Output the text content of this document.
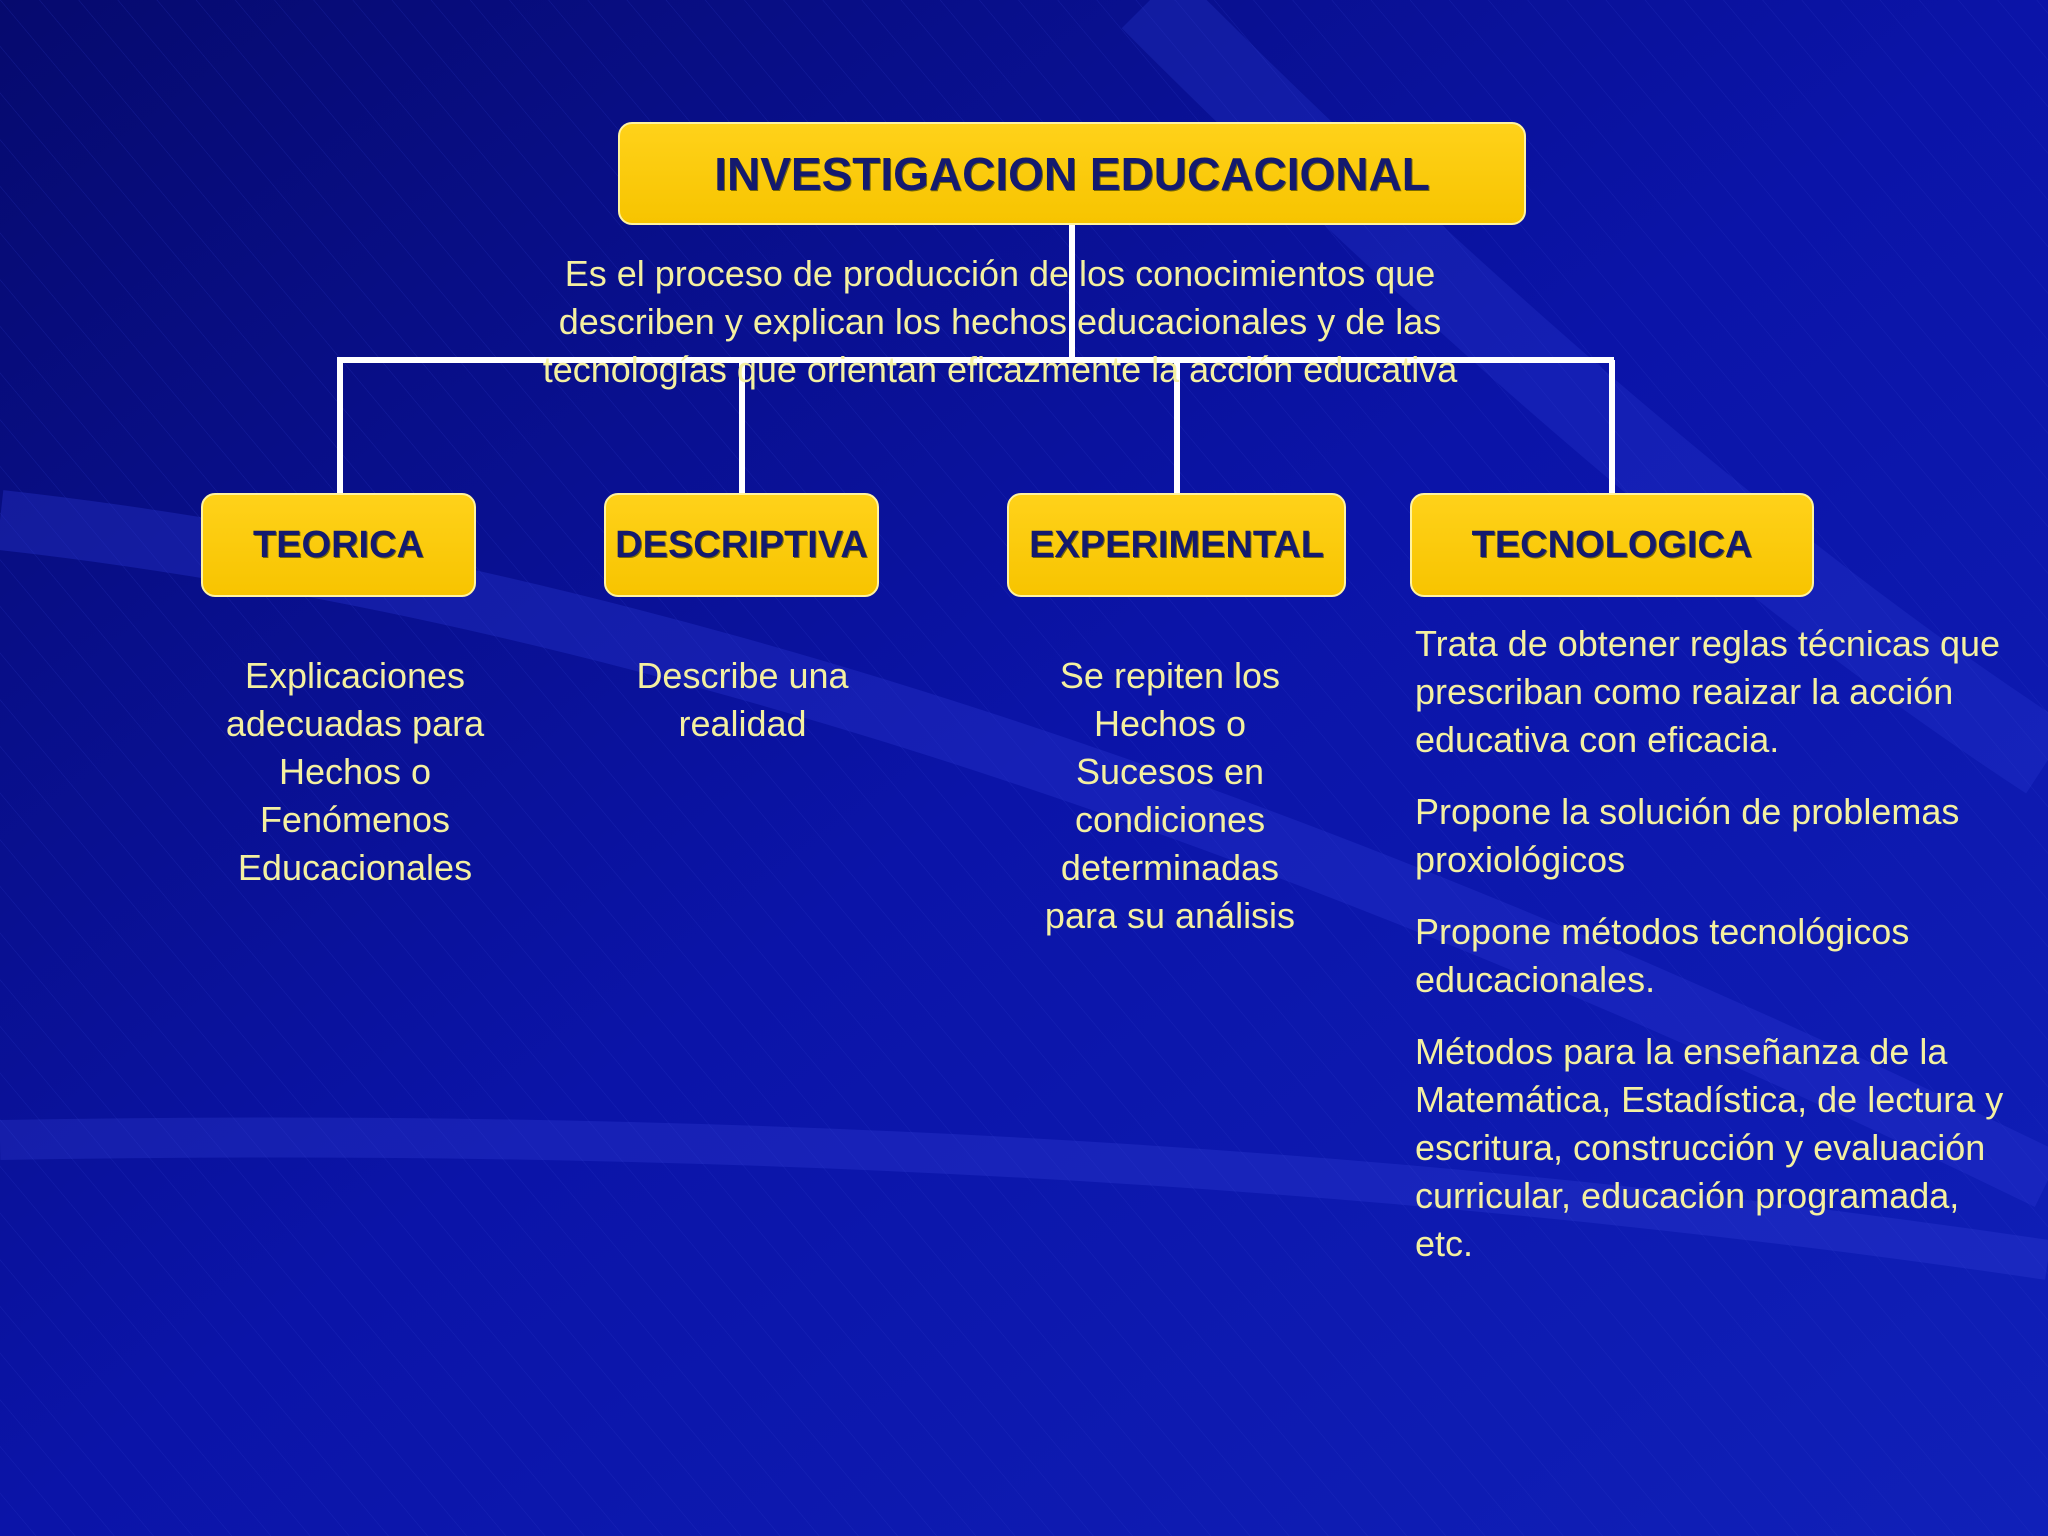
INVESTIGACION EDUCACIONAL
Es el proceso de producción de los conocimientos que describen y explican los hechos educacionales y de las tecnologías que orientan eficazmente la acción educativa
TEORICA	DESCRIPTIVA	EXPERIMENTAL	TECNOLOGICA
Explicaciones adecuadas para Hechos o Fenómenos Educacionales
Describe una realidad
Se repiten los Hechos o Sucesos en condiciones determinadas para su análisis
Trata de obtener reglas técnicas que prescriban como reaizar la acción educativa con eficacia.
Propone la solución de problemas proxiológicos
Propone métodos tecnológicos educacionales.
Métodos para la enseñanza de la Matemática, Estadística, de lectura y escritura, construcción y evaluación curricular, educación programada, etc.
